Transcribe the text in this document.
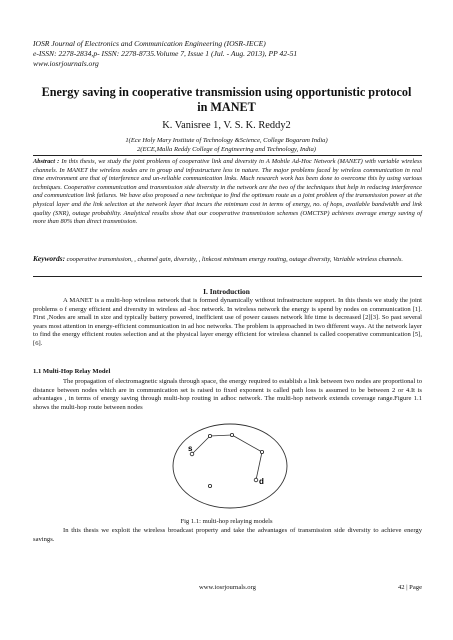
IOSR Journal of Electronics and Communication Engineering (IOSR-JECE)
e-ISSN: 2278-2834,p- ISSN: 2278-8735.Volume 7, Issue 1 (Jul. - Aug. 2013), PP 42-51
www.iosrjournals.org
Energy saving in cooperative transmission using opportunistic protocol in MANET
K. Vanisree 1, V. S. K. Reddy2
1(Ece Holy Mary Institute of Technology &Science, College Bogaram India)
2(ECE,Malla Reddy College of Engineering and Technology, India)
Abstract : In this thesis, we study the joint problems of cooperative link and diversity in A Mobile Ad-Hoc Network (MANET) with variable wireless channels. In MANET the wireless nodes are in group and infrastructure less in nature. The major problems faced by wireless communication in real time environment are that of interference and un-reliable communication links. Much research work has been done to overcome this by using various techniques. Cooperative communication and transmission side diversity in the network are the two of the techniques that help in reducing interference and communication link failures. We have also proposed a new technique to find the optimum route as a joint problem of the transmission power at the physical layer and the link selection at the network layer that incurs the minimum cost in terms of energy, no. of hops, available bandwidth and link quality (SNR), outage probability. Analytical results show that our cooperative transmission schemes (OMCTSP) achieves average energy saving of more than 80% than direct transmission.
Keywords: cooperative transmission, , channel gain, diversity, , linkcost minimum energy routing, outage diversity, Variable wireless channels.
I. Introduction
A MANET is a multi-hop wireless network that is formed dynamically without infrastructure support. In this thesis we study the joint problems o f energy efficient and diversity in wireless ad -hoc network. In wireless network the energy is spend by nodes on communication [1]. First ,Nodes are small in size and typically battery powered, inefficient use of power causes network life time is decreased [2][3]. So past several years most attention in energy-efficient communication in ad hoc networks. The problem is approached in two different ways. At the network layer to find the energy efficient routes selection and at the physical layer energy efficient for wireless channel is called cooperative communication [5],[6].
1.1 Multi-Hop Relay Model
The propagation of electromagnetic signals through space, the energy required to establish a link between two nodes are proportional to distance between nodes which are in communication set is raised to fixed exponent is called path loss is assumed to be between 2 or 4.It is advantages , in terms of energy saving through multi-hop routing in adhoc network. The multi-hop network extends coverage range.Figure 1.1 shows the multi-hop route between nodes
s
d
Fig 1.1: multi-hop relaying models
In this thesis we exploit the wireless broadcast property and take the advantages of transmission side diversity to achieve energy savings.
www.iosrjournals.org	42 | Page
